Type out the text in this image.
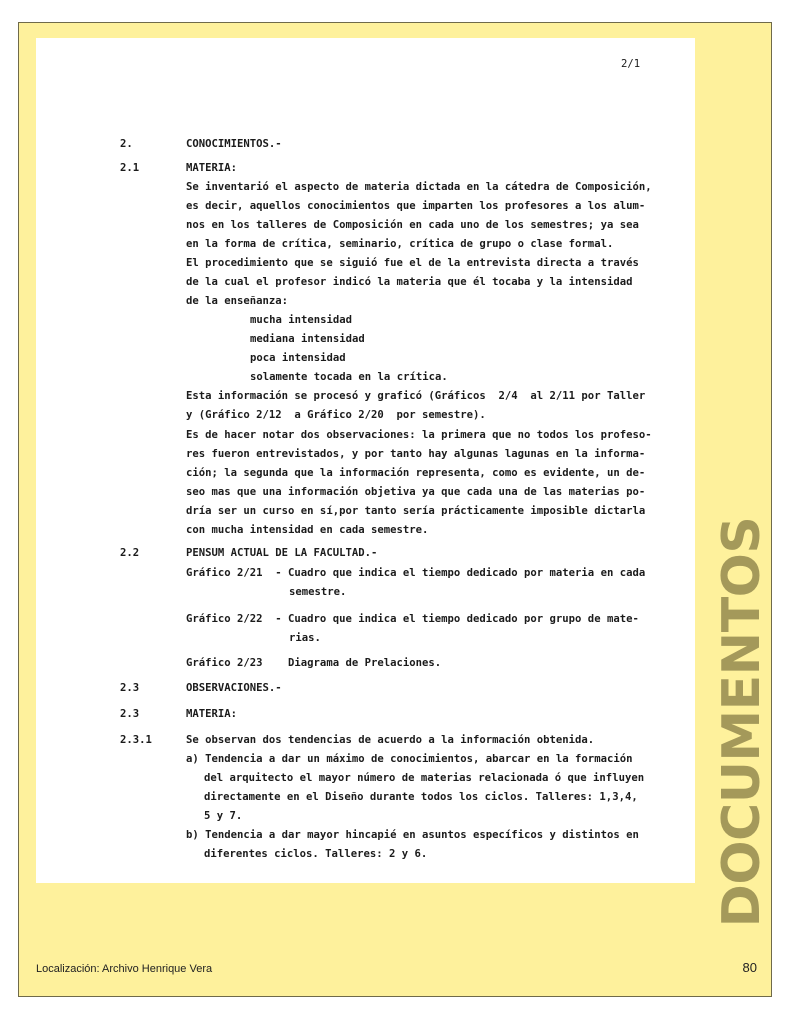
2/1
2.	CONOCIMIENTOS.-
2.1	MATERIA:
Se inventarió el aspecto de materia dictada en la cátedra de Composición,
es decir, aquellos conocimientos que imparten los profesores a los alum-
nos en los talleres de Composición en cada uno de los semestres; ya sea
en la forma de crítica, seminario, crítica de grupo o clase formal.
El procedimiento que se siguió fue el de la entrevista directa a través
de la cual el profesor indicó la materia que él tocaba y la intensidad
de la enseñanza:
mucha intensidad
mediana intensidad
poca intensidad
solamente tocada en la crítica.
Esta información se procesó y graficó (Gráficos  2/4  al 2/11 por Taller
y (Gráfico 2/12  a Gráfico 2/20  por semestre).
Es de hacer notar dos observaciones: la primera que no todos los profeso-
res fueron entrevistados, y por tanto hay algunas lagunas en la informa-
ción; la segunda que la información representa, como es evidente, un de-
seo mas que una información objetiva ya que cada una de las materias po-
dría ser un curso en sí,por tanto sería prácticamente imposible dictarla
con mucha intensidad en cada semestre.
2.2	PENSUM ACTUAL DE LA FACULTAD.-
Gráfico 2/21  - Cuadro que indica el tiempo dedicado por materia en cada
semestre.
Gráfico 2/22  - Cuadro que indica el tiempo dedicado por grupo de mate-
rias.
Gráfico 2/23    Diagrama de Prelaciones.
2.3	OBSERVACIONES.-
2.3	MATERIA:
2.3.1	Se observan dos tendencias de acuerdo a la información obtenida.
a) Tendencia a dar un máximo de conocimientos, abarcar en la formación
del arquitecto el mayor número de materias relacionada ó que influyen
directamente en el Diseño durante todos los ciclos. Talleres: 1,3,4,
5 y 7.
b) Tendencia a dar mayor hincapié en asuntos específicos y distintos en
diferentes ciclos. Talleres: 2 y 6.	DOCUMENTOS
Localización: Archivo Henrique Vera	80
